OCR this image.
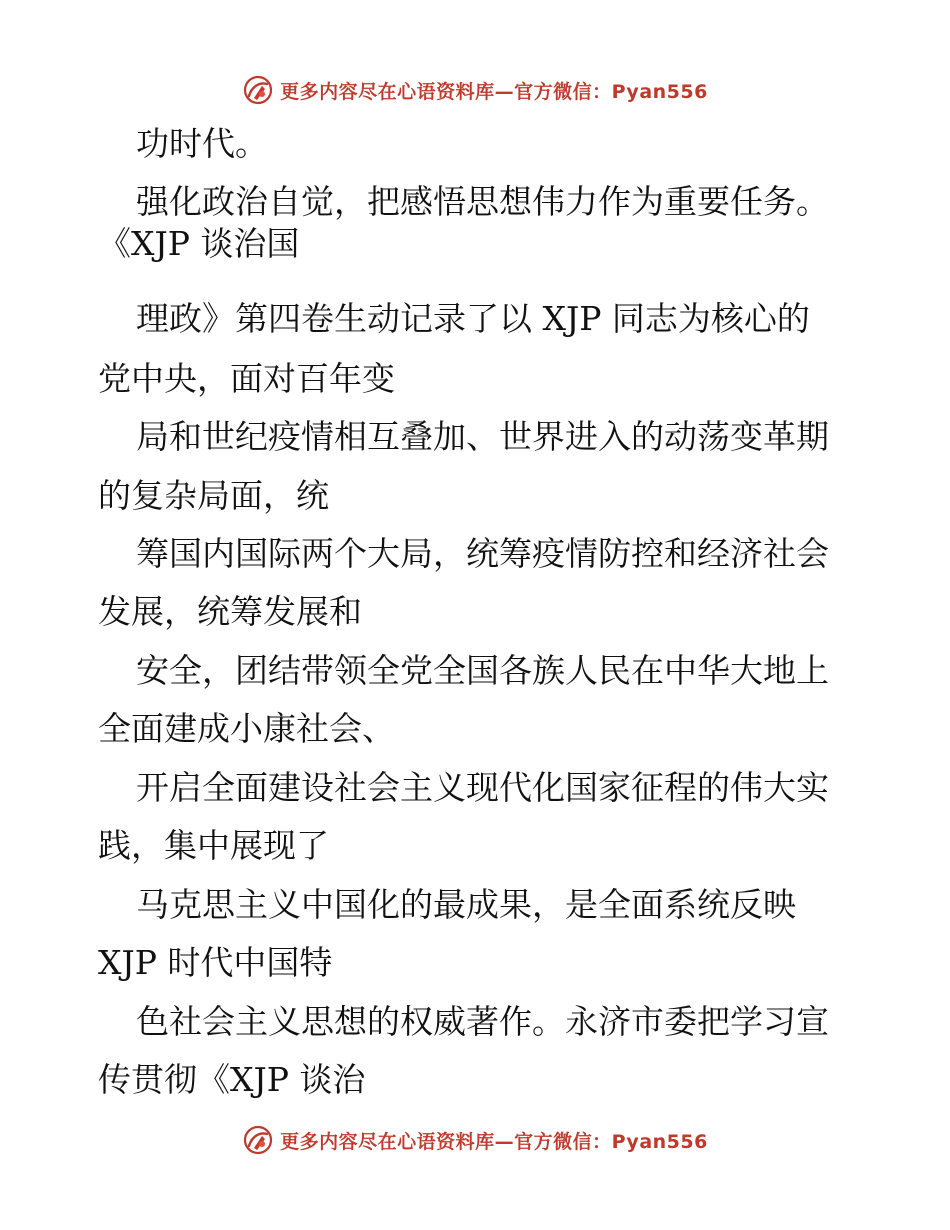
更多内容尽在心语资料库—官方微信：Pyan556
功时代。
强化政治自觉，把感悟思想伟力作为重要任务。
《XJP 谈治国
理政》第四卷生动记录了以 XJP 同志为核心的
党中央，面对百年变
局和世纪疫情相互叠加、世界进入的动荡变革期
的复杂局面，统
筹国内国际两个大局，统筹疫情防控和经济社会
发展，统筹发展和
安全，团结带领全党全国各族人民在中华大地上
全面建成小康社会、
开启全面建设社会主义现代化国家征程的伟大实
践，集中展现了
马克思主义中国化的最成果，是全面系统反映
XJP 时代中国特
色社会主义思想的权威著作。永济市委把学习宣
传贯彻《XJP 谈治
更多内容尽在心语资料库—官方微信：Pyan556
